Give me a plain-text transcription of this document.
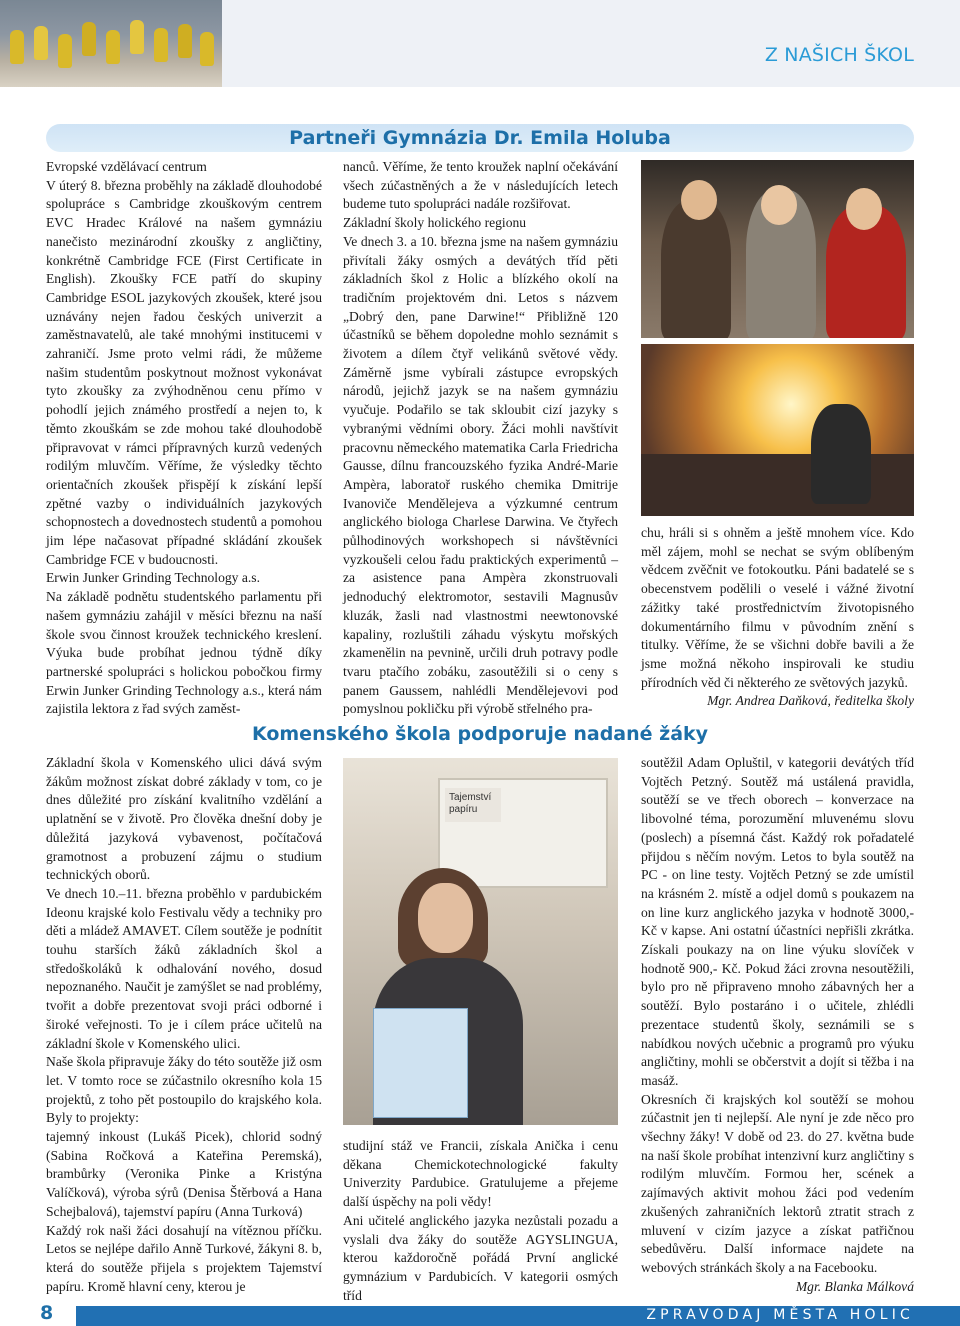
Z NAŠICH ŠKOL
Partneři Gymnázia Dr. Emila Holuba

Evropské vzdělávací centrum

V úterý 8. března proběhly na základě dlouhodobé spolupráce s Cambridge zkouškovým centrem EVC Hradec Králové na našem gymnáziu nanečisto mezinárodní zkoušky z angličtiny, konkrétně Cambridge FCE (First Certificate in English). Zkoušky FCE patří do skupiny Cambridge ESOL jazykových zkoušek, které jsou uznávány nejen řadou českých univerzit a zaměstnavatelů, ale také mnohými institucemi v zahraničí. Jsme proto velmi rádi, že můžeme našim studentům poskytnout možnost vykonávat tyto zkoušky za zvýhodněnou cenu přímo v pohodlí jejich známého prostředí a nejen to, k těmto zkouškám se zde mohou také dlouhodobě připravovat v rámci přípravných kurzů vedených rodilým mluvčím. Věříme, že výsledky těchto orientačních zkoušek přispějí k získání lepší zpětné vazby o individuálních jazykových schopnostech a dovednostech studentů a pomohou jim lépe načasovat případné skládání zkoušek Cambridge FCE v budoucnosti.

Erwin Junker Grinding Technology a.s.

Na základě podnětu studentského parlamentu při našem gymnáziu zahájil v měsíci březnu na naší škole svou činnost kroužek technického kreslení. Výuka bude probíhat jednou týdně díky partnerské spolupráci s holickou pobočkou firmy Erwin Junker Grinding Technology a.s., která nám zajistila lektora z řad svých zaměst-

nanců. Věříme, že tento kroužek naplní očekávání všech zúčastněných a že v následujících letech budeme tuto spolupráci nadále rozšiřovat.

Základní školy holického regionu

Ve dnech 3. a 10. března jsme na našem gymnáziu přivítali žáky osmých a devátých tříd pěti základních škol z Holic a blízkého okolí na tradičním projektovém dni. Letos s názvem „Dobrý den, pane Darwine!“ Přibližně 120 účastníků se během dopoledne mohlo seznámit s životem a dílem čtyř velikánů světové vědy. Záměrně jsme vybírali zástupce evropských národů, jejichž jazyk se na našem gymnáziu vyučuje. Podařilo se tak skloubit cizí jazyky s vybranými vědními obory. Žáci mohli navštívit pracovnu německého matematika Carla Friedricha Gausse, dílnu francouzského fyzika André-Marie Ampèra, laboratoř ruského chemika Dmitrije Ivanoviče Mendělejeva a výzkumné centrum anglického biologa Charlese Darwina. Ve čtyřech půlhodinových workshopech si návštěvníci vyzkoušeli celou řadu praktických experimentů – za asistence pana Ampèra zkonstruovali jednoduchý elektromotor, sestavili Magnusův kluzák, žasli nad vlastnostmi neewtonovské kapaliny, rozluštili záhadu výskytu mořských zkamenělin na pevnině, určili druh potravy podle tvaru ptačího zobáku, zasoutěžili si o ceny s panem Gaussem, nahlédli Mendělejevovi pod pomyslnou pokličku při výrobě střelného pra-

chu, hráli si s ohněm a ještě mnohem více. Kdo měl zájem, mohl se nechat se svým oblíbeným vědcem zvěčnit ve fotokoutku. Páni badatelé se s obecenstvem podělili o veselé i vážné životní zážitky také prostřednictvím životopisného dokumentárního filmu v původním znění s titulky. Věříme, že se všichni dobře bavili a že jsme možná někoho inspirovali ke studiu přírodních věd či některého ze světových jazyků.

Mgr. Andrea Daňková, ředitelka školy

Komenského škola podporuje nadané žáky

Základní škola v Komenského ulici dává svým žákům možnost získat dobré základy v tom, co je dnes důležité pro získání kvalitního vzdělání a uplatnění se v životě. Pro člověka dnešní doby je důležitá jazyková vybavenost, počítačová gramotnost a probuzení zájmu o studium technických oborů.

Ve dnech 10.–11. března proběhlo v pardubickém Ideonu krajské kolo Festivalu vědy a techniky pro děti a mládež AMAVET. Cílem soutěže je podnítit touhu starších žáků základních škol a středoškoláků k odhalování nového, dosud nepoznaného. Naučit je zamýšlet se nad problémy, tvořit a dobře prezentovat svoji práci odborné i široké veřejnosti. To je i cílem práce učitelů na základní škole v Komenského ulici.

Naše škola připravuje žáky do této soutěže již osm let. V tomto roce se zúčastnilo okresního kola 15 projektů, z toho pět postoupilo do krajského kola. Byly to projekty:

tajemný inkoust (Lukáš Picek), chlorid sodný (Sabina Ročková a Kateřina Peremská), brambůrky (Veronika Pinke a Kristýna Valíčková), výroba sýrů (Denisa Štěrbová a Hana Schejbalová), tajemství papíru (Anna Turková)

Každý rok naši žáci dosahují na vítěznou příčku. Letos se nejlépe dařilo Anně Turkové, žákyni 8. b, která do soutěže přijela s projektem Tajemství papíru. Kromě hlavní ceny, kterou je

Tajemství
papíru

studijní stáž ve Francii, získala Anička i cenu děkana Chemickotechnologické fakulty Univerzity Pardubice. Gratulujeme a přejeme další úspěchy na poli vědy!

Ani učitelé anglického jazyka nezůstali pozadu a vyslali dva žáky do soutěže AGYSLINGUA, kterou každoročně pořádá První anglické gymnázium v Pardubicích. V kategorii osmých tříd

soutěžil Adam Opluštil, v kategorii devátých tříd Vojtěch Petzný. Soutěž má ustálená pravidla, soutěží se ve třech oborech – konverzace na libovolné téma, porozumění mluvenému slovu (poslech) a písemná část. Každý rok pořadatelé přijdou s něčím novým. Letos to byla soutěž na PC - on line testy. Vojtěch Petzný se zde umístil na krásném 2. místě a odjel domů s poukazem na on line kurz anglického jazyka v hodnotě 3000,- Kč v kapse. Ani ostatní účastníci nepřišli zkrátka. Získali poukazy na on line výuku slovíček v hodnotě 900,- Kč. Pokud žáci zrovna nesoutěžili, bylo pro ně připraveno mnoho zábavných her a soutěží. Bylo postaráno i o učitele, zhlédli prezentace studentů školy, seznámili se s nabídkou nových učebnic a programů pro výuku angličtiny, mohli se občerstvit a dojít si těžba i na masáž.

Okresních či krajských kol soutěží se mohou zúčastnit jen ti nejlepší. Ale nyní je zde něco pro všechny žáky! V době od 23. do 27. května bude na naší škole probíhat intenzivní kurz angličtiny s rodilým mluvčím. Formou her, scének a zajímavých aktivit mohou žáci pod vedením zkušených zahraničních lektorů ztratit strach z mluvení v cizím jazyce a získat patřičnou sebedůvěru. Další informace najdete na webových stránkách školy a na Facebooku.

Mgr. Blanka Málková

8	ZPRAVODAJ MĚSTA HOLIC
